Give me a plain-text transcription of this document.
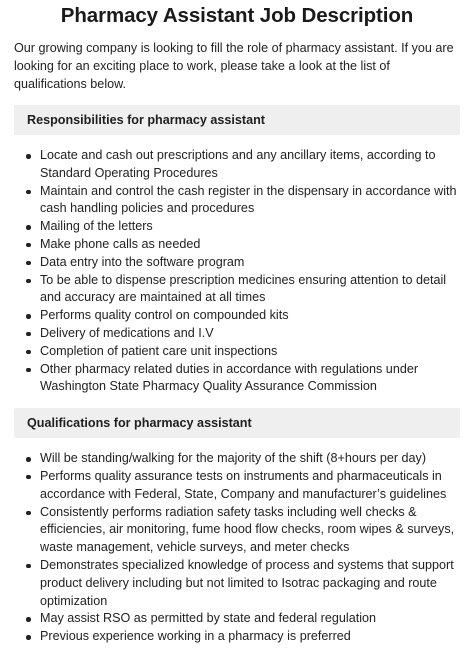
Pharmacy Assistant Job Description

Our growing company is looking to fill the role of pharmacy assistant. If you are looking for an exciting place to work, please take a look at the list of qualifications below.

Responsibilities for pharmacy assistant
Locate and cash out prescriptions and any ancillary items, according to Standard Operating Procedures
Maintain and control the cash register in the dispensary in accordance with cash handling policies and procedures
Mailing of the letters
Make phone calls as needed
Data entry into the software program
To be able to dispense prescription medicines ensuring attention to detail and accuracy are maintained at all times
Performs quality control on compounded kits
Delivery of medications and I.V
Completion of patient care unit inspections
Other pharmacy related duties in accordance with regulations under Washington State Pharmacy Quality Assurance Commission
Qualifications for pharmacy assistant
Will be standing/walking for the majority of the shift (8+hours per day)
Performs quality assurance tests on instruments and pharmaceuticals in accordance with Federal, State, Company and manufacturer’s guidelines
Consistently performs radiation safety tasks including well checks & efficiencies, air monitoring, fume hood flow checks, room wipes & surveys, waste management, vehicle surveys, and meter checks
Demonstrates specialized knowledge of process and systems that support product delivery including but not limited to Isotrac packaging and route optimization
May assist RSO as permitted by state and federal regulation
Previous experience working in a pharmacy is preferred
